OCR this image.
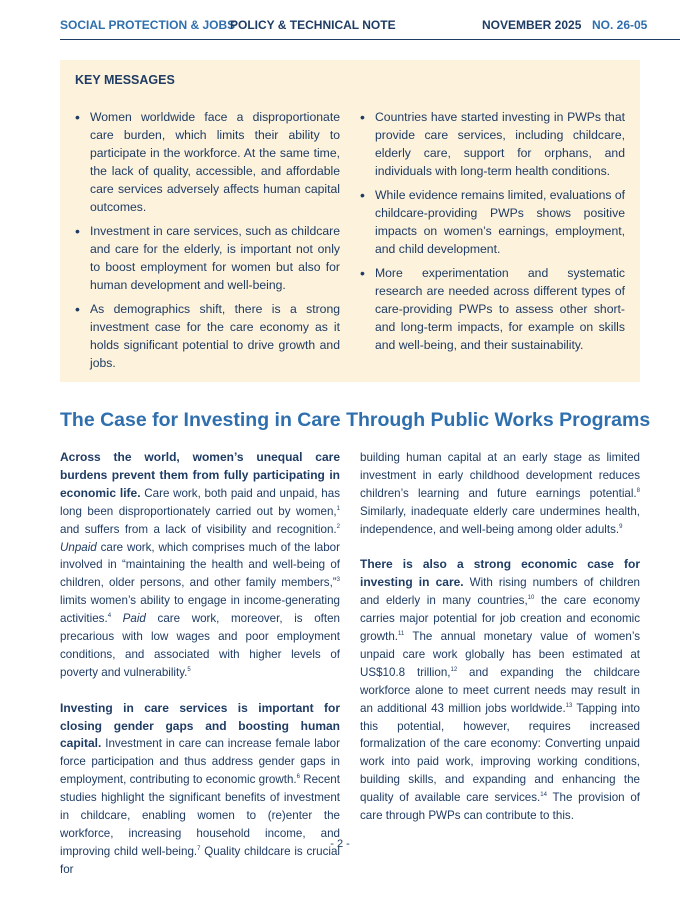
SOCIAL PROTECTION & JOBS
POLICY & TECHNICAL NOTE	NOVEMBER 2025 NO. 26-05
KEY MESSAGES
• Women worldwide face a disproportionate care burden, which limits their ability to participate in the workforce. At the same time, the lack of quality, accessible, and affordable care services adversely affects human capital outcomes.
• Investment in care services, such as childcare and care for the elderly, is important not only to boost employment for women but also for human development and well-being.
• As demographics shift, there is a strong investment case for the care economy as it holds significant potential to drive growth and jobs.
• Countries have started investing in PWPs that provide care services, including childcare, elderly care, support for orphans, and individuals with long-term health conditions.
• While evidence remains limited, evaluations of childcare-providing PWPs shows positive impacts on women’s earnings, employment, and child development.
• More experimentation and systematic research are needed across different types of care-providing PWPs to assess other short- and long-term impacts, for example on skills and well-being, and their sustainability.
The Case for Investing in Care Through Public Works Programs

Across the world, women’s unequal care burdens prevent them from fully participating in economic life. Care work, both paid and unpaid, has long been disproportionately carried out by women,$^1$ and suffers from a lack of visibility and recognition.$^2$ Unpaid care work, which comprises much of the labor involved in “maintaining the health and well-being of children, older persons, and other family members,”$^3$ limits women’s ability to engage in income-generating activities.$^4$ Paid care work, moreover, is often precarious with low wages and poor employment conditions, and associated with higher levels of poverty and vulnerability.$^5$

Investing in care services is important for closing gender gaps and boosting human capital. Investment in care can increase female labor force participation and thus address gender gaps in employment, contributing to economic growth.$^6$ Recent studies highlight the significant benefits of investment in childcare, enabling women to (re)enter the workforce, increasing household income, and improving child well-being.$^7$ Quality childcare is crucial for

building human capital at an early stage as limited investment in early childhood development reduces children’s learning and future earnings potential.$^8$ Similarly, inadequate elderly care undermines health, independence, and well-being among older adults.$^9$

There is also a strong economic case for investing in care. With rising numbers of children and elderly in many countries,$^{10}$ the care economy carries major potential for job creation and economic growth.$^{11}$ The annual monetary value of women’s unpaid care work globally has been estimated at US$10.8 trillion,$^{12}$ and expanding the childcare workforce alone to meet current needs may result in an additional 43 million jobs worldwide.$^{13}$ Tapping into this potential, however, requires increased formalization of the care economy: Converting unpaid work into paid work, improving working conditions, building skills, and expanding and enhancing the quality of available care services.$^{14}$ The provision of care through PWPs can contribute to this.

- 2 -
